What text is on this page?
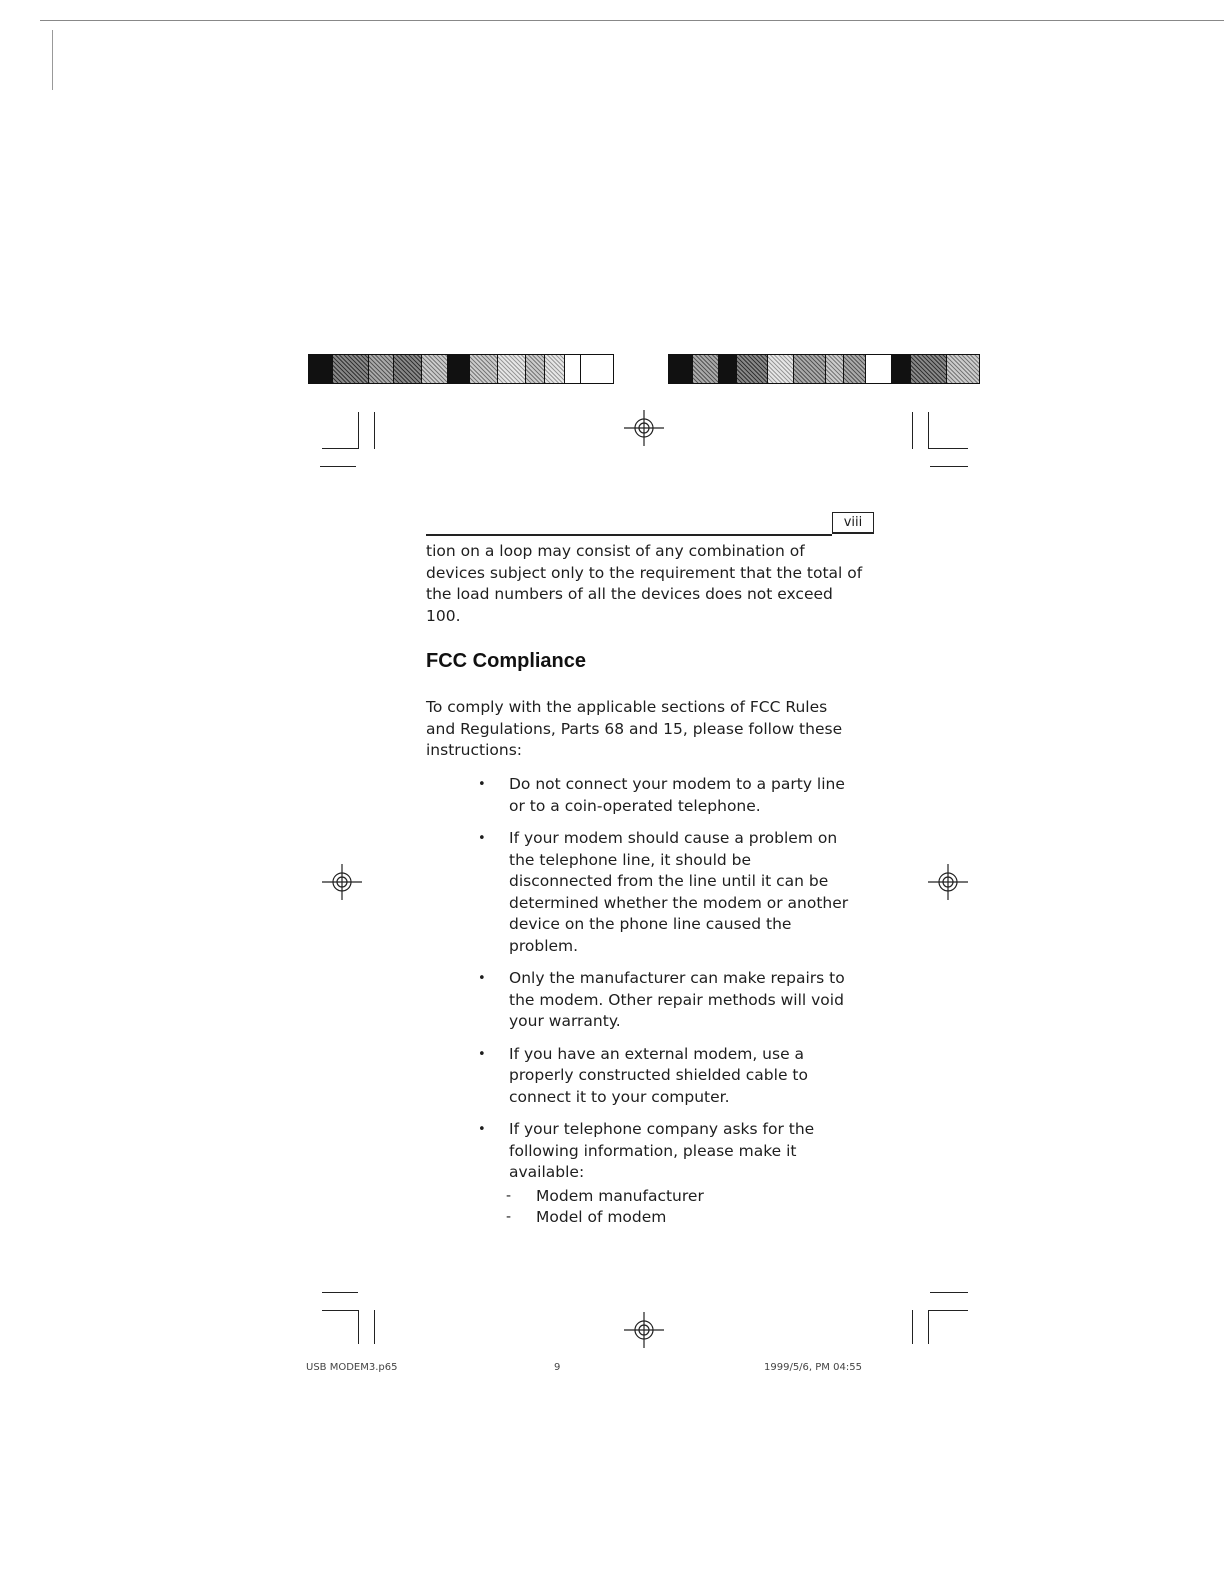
viii
tion on a loop may consist of any combination of devices subject only to the requirement that the total of the load numbers of all the devices does not exceed 100.
FCC Compliance
To comply with the applicable sections of FCC Rules and Regulations, Parts 68 and 15, please follow these instructions:
• Do not connect your modem to a party line or to a coin-operated telephone.
• If your modem should cause a problem on the telephone line, it should be disconnected from the line until it can be determined whether the modem or another device on the phone line caused the problem.
• Only the manufacturer can make repairs to the modem. Other repair methods will void your warranty.
• If you have an external modem, use a properly constructed shielded cable to connect it to your computer.
• If your telephone company asks for the following information, please make it available:
- Modem manufacturer
- Model of modem
USB MODEM3.p65	9	1999/5/6, PM 04:55
